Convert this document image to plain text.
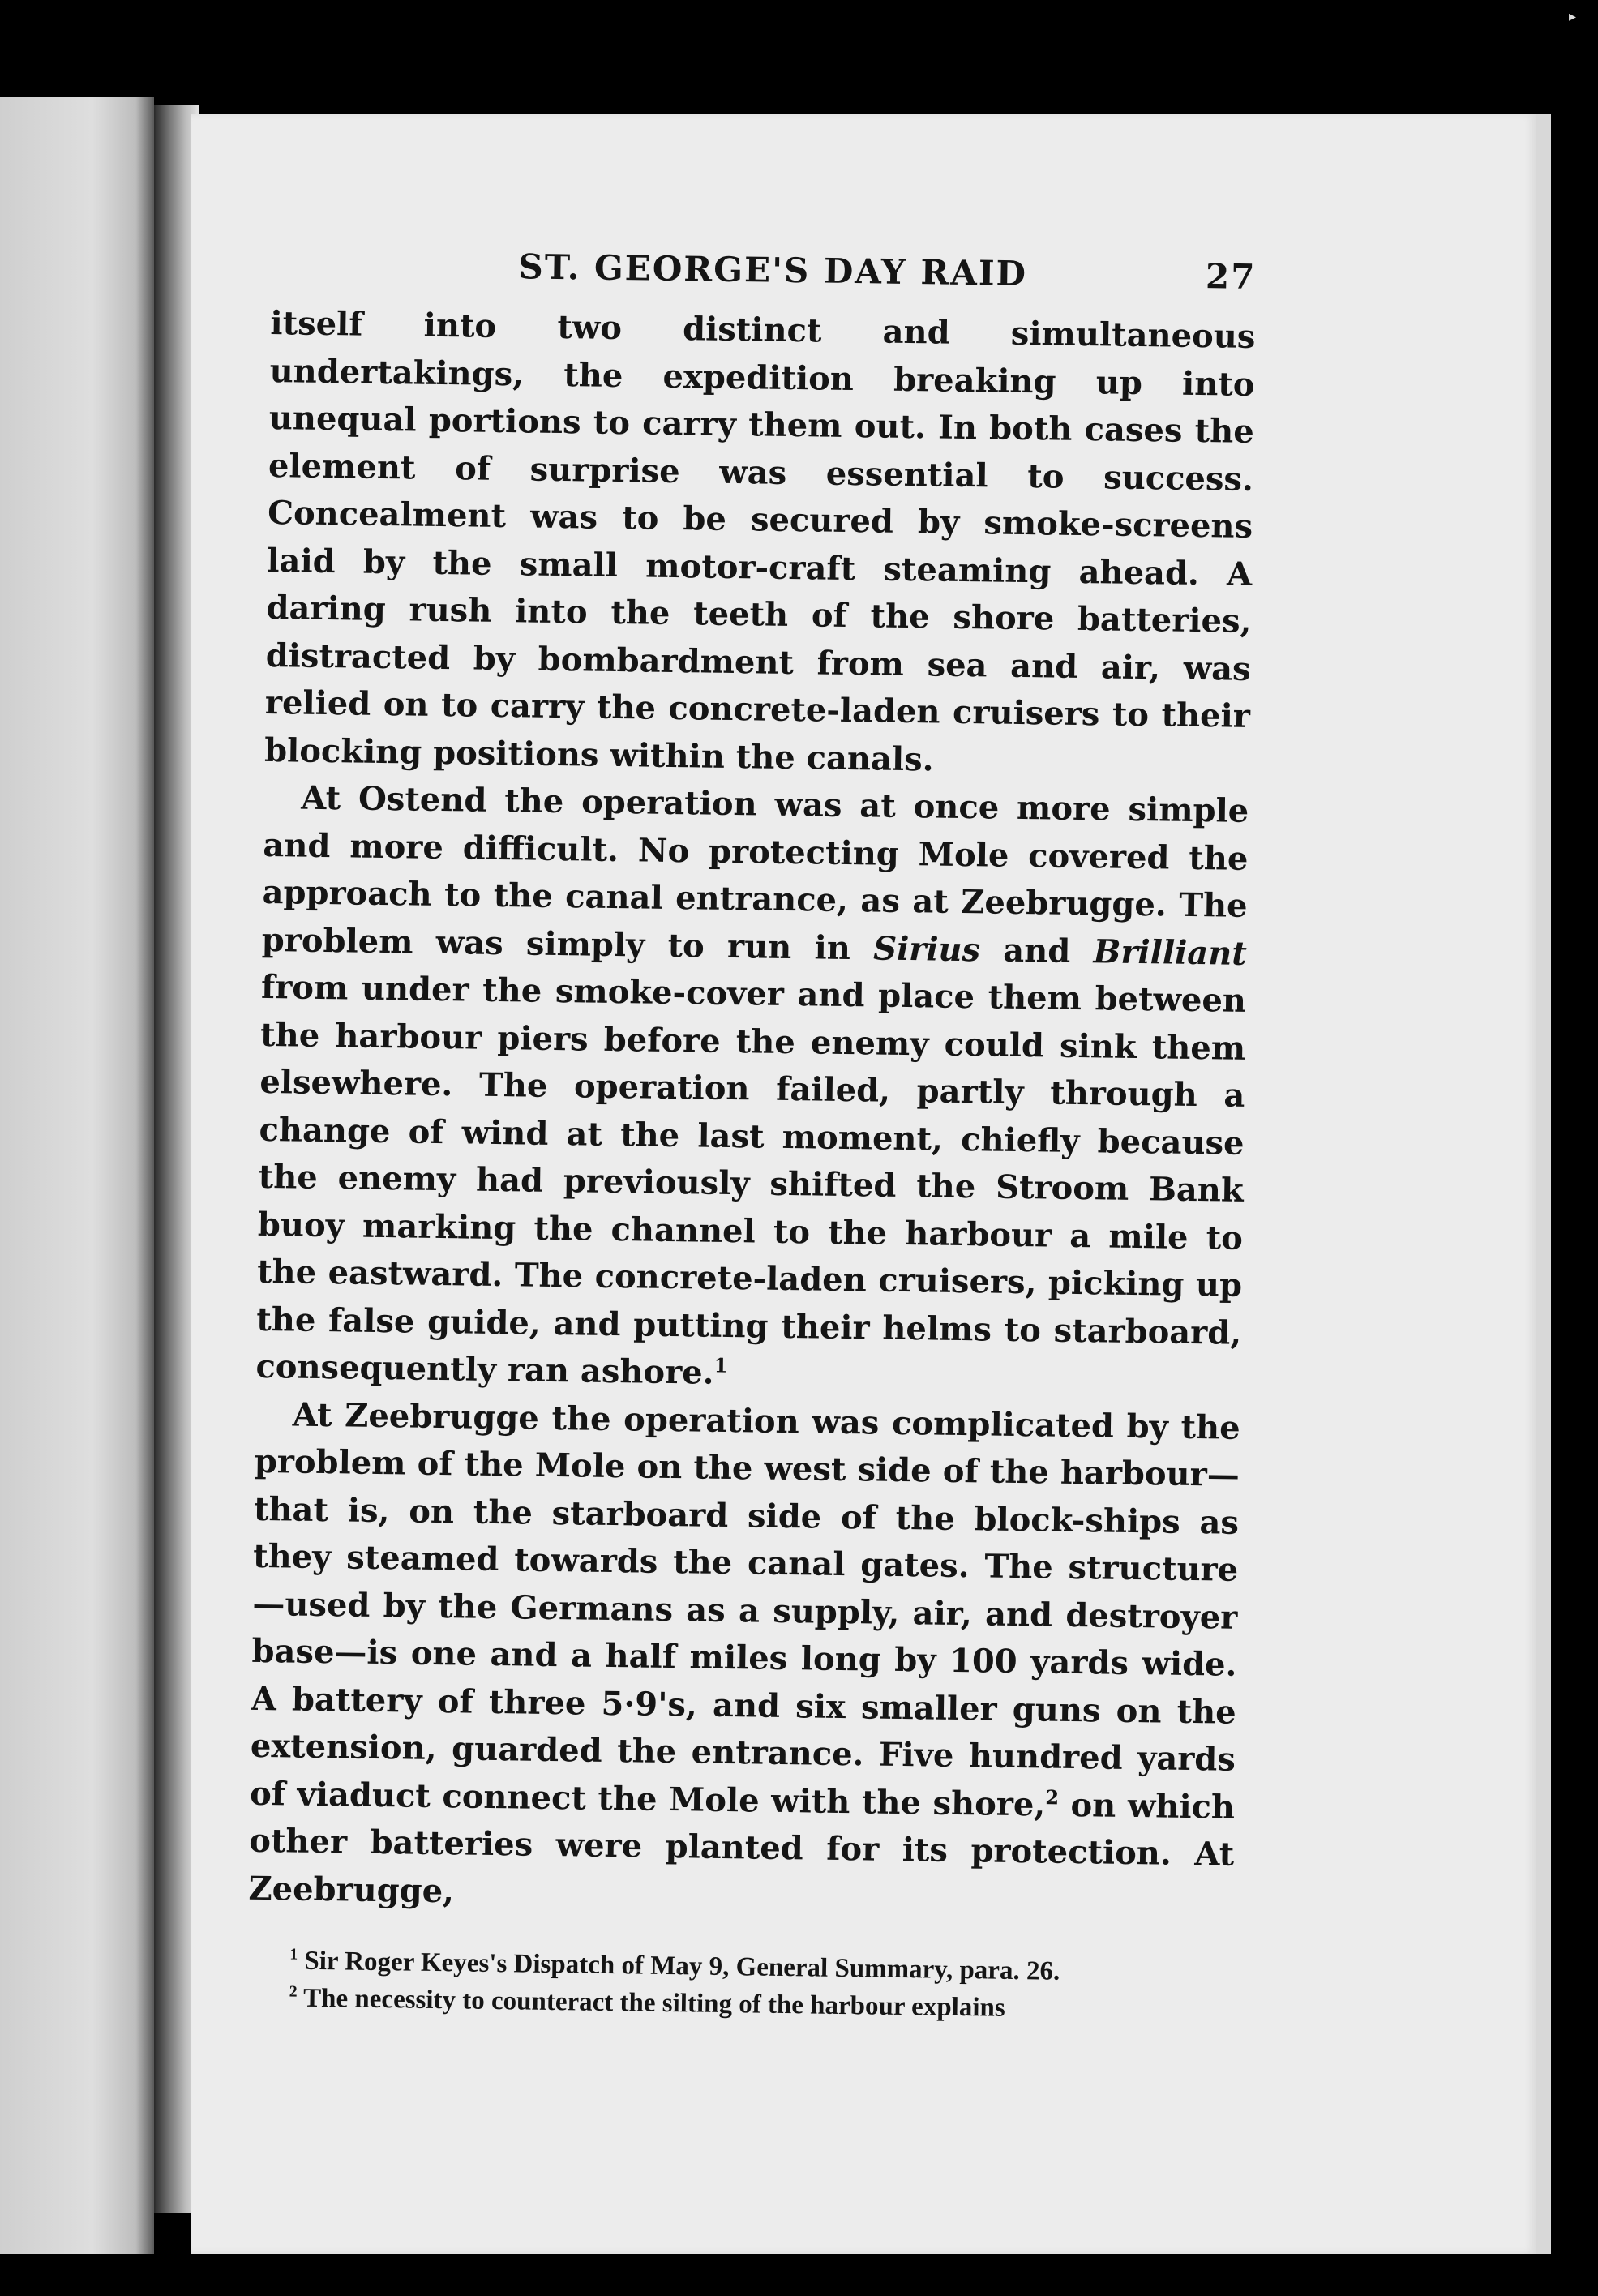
▸
ST. GEORGE'S DAY RAID	27

itself into two distinct and simultaneous undertakings, the expedition breaking up into unequal portions to carry them out. In both cases the element of surprise was essential to success. Concealment was to be secured by smoke-screens laid by the small motor-craft steaming ahead. A daring rush into the teeth of the shore batteries, distracted by bombardment from sea and air, was relied on to carry the concrete-laden cruisers to their blocking positions within the canals.

At Ostend the operation was at once more simple and more difficult. No protecting Mole covered the approach to the canal entrance, as at Zeebrugge. The problem was simply to run in Sirius and Brilliant from under the smoke-cover and place them between the harbour piers before the enemy could sink them elsewhere. The operation failed, partly through a change of wind at the last moment, chiefly because the enemy had previously shifted the Stroom Bank buoy marking the channel to the harbour a mile to the eastward. The concrete-laden cruisers, picking up the false guide, and putting their helms to starboard, consequently ran ashore.$^1$

At Zeebrugge the operation was complicated by the problem of the Mole on the west side of the harbour—that is, on the starboard side of the block-ships as they steamed towards the canal gates. The structure—used by the Germans as a supply, air, and destroyer base—is one and a half miles long by 100 yards wide. A battery of three 5·9's, and six smaller guns on the extension, guarded the entrance. Five hundred yards of viaduct connect the Mole with the shore,$^2$ on which other batteries were planted for its protection. At Zeebrugge,

$^1$ Sir Roger Keyes's Dispatch of May 9, General Summary, para. 26.

$^2$ The necessity to counteract the silting of the harbour explains
